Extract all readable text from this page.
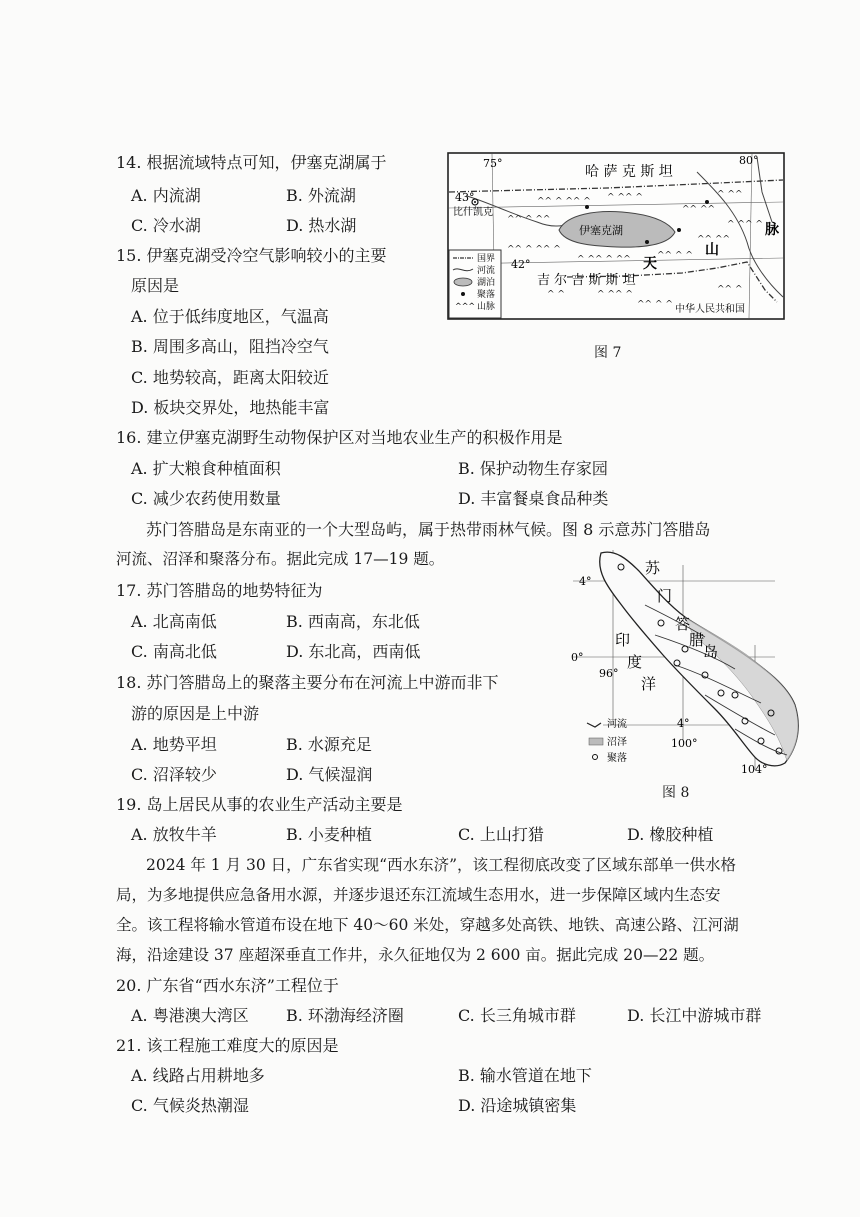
14. 根据流域特点可知，伊塞克湖属于
A. 内流湖	B. 外流湖
C. 冷水湖	D. 热水湖
15. 伊塞克湖受冷空气影响较小的主要
原因是
A. 位于低纬度地区，气温高
B. 周围多高山，阻挡冷空气
C. 地势较高，距离太阳较近
D. 板块交界处，地热能丰富
16. 建立伊塞克湖野生动物保护区对当地农业生产的积极作用是
A. 扩大粮食种植面积	B. 保护动物生存家园
C. 减少农药使用数量	D. 丰富餐桌食品种类
苏门答腊岛是东南亚的一个大型岛屿，属于热带雨林气候。图 8 示意苏门答腊岛
河流、沼泽和聚落分布。据此完成 17—19 题。
17. 苏门答腊岛的地势特征为
A. 北高南低	B. 西南高，东北低
C. 南高北低	D. 东北高，西南低
18. 苏门答腊岛上的聚落主要分布在河流上中游而非下
游的原因是上中游
A. 地势平坦	B. 水源充足
C. 沼泽较少	D. 气候湿润
19. 岛上居民从事的农业生产活动主要是
A. 放牧牛羊	B. 小麦种植	C. 上山打猎	D. 橡胶种植
2024 年 1 月 30 日，广东省实现“西水东济”，该工程彻底改变了区域东部单一供水格
局，为多地提供应急备用水源，并逐步退还东江流域生态用水，进一步保障区域内生态安
全。该工程将输水管道布设在地下 40～60 米处，穿越多处高铁、地铁、高速公路、江河湖
海，沿途建设 37 座超深垂直工作井，永久征地仅为 2 600 亩。据此完成 20—22 题。
20. 广东省“西水东济”工程位于
A. 粤港澳大湾区 B. 环渤海经济圈	C. 长三角城市群	D. 长江中游城市群
21. 该工程施工难度大的原因是
A. 线路占用耕地多	B. 输水管道在地下
C. 气候炎热潮湿	D. 沿途城镇密集
^^ ^ ^^
^^ ^ ^^ ^ ^ ^^ ^
^^ ^^
^ ^^
^^ ^ ^^ ^
^ ^^ ^ ^^	^^ ^ ^
^^ ^^
^ ^^ ^
^ ^^ ^
^^ ^ ^
^^ ^
^ ^
75°	80°
43°
42°
哈 萨 克 斯 坦
比什凯克
伊塞克湖
天
山
脉
吉 尔 吉 斯 斯 坦
中华人民共和国
^^^
国界
河流
湖泊
聚落
山脉
图 7
4°
0°
4°
96°
100°
104°
苏
门
答
腊
岛
印
度
洋
河流
沼泽
聚落
图 8
